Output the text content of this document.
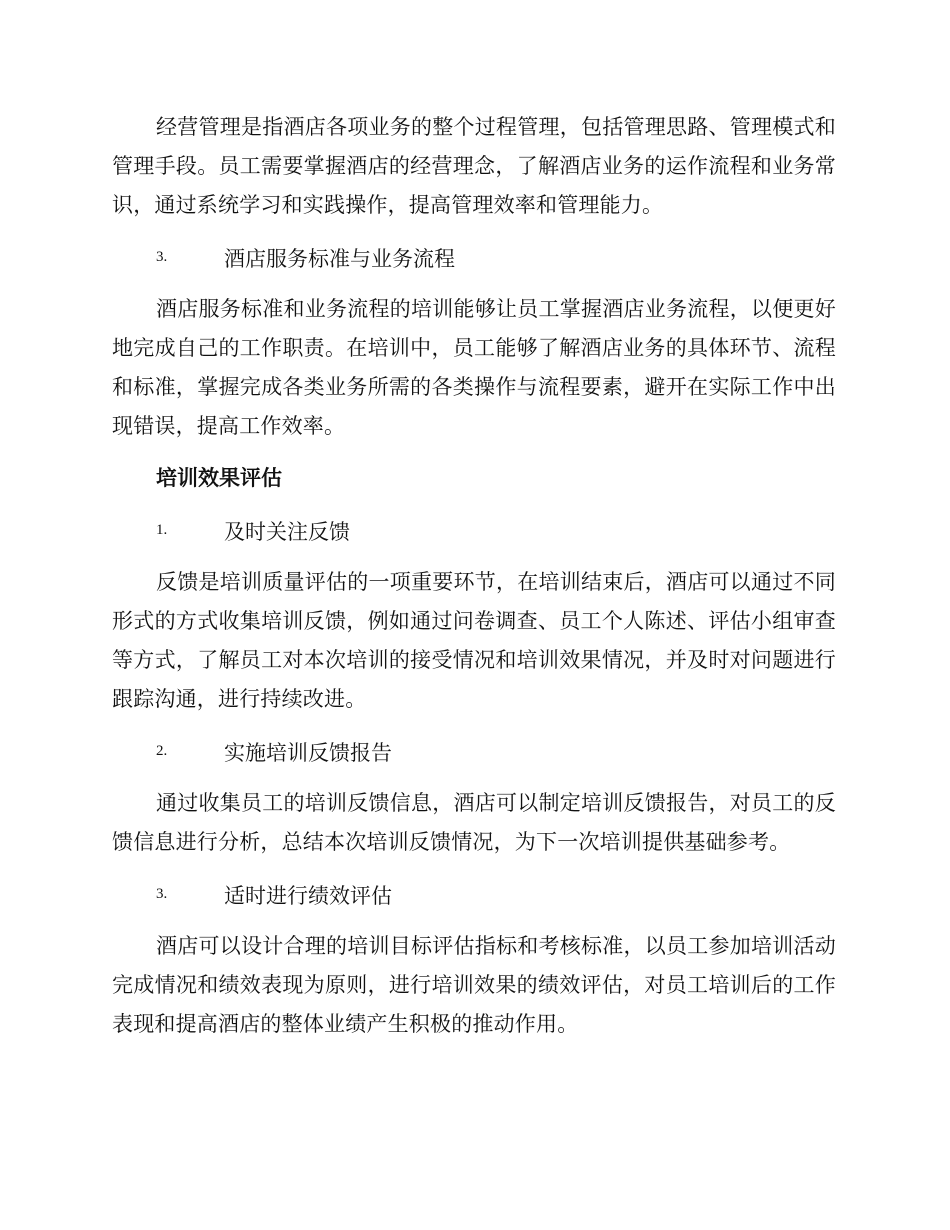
经营管理是指酒店各项业务的整个过程管理，包括管理思路、管理模式和管理手段。员工需要掌握酒店的经营理念，了解酒店业务的运作流程和业务常识，通过系统学习和实践操作，提高管理效率和管理能力。

3.	酒店服务标准与业务流程

酒店服务标准和业务流程的培训能够让员工掌握酒店业务流程，以便更好地完成自己的工作职责。在培训中，员工能够了解酒店业务的具体环节、流程和标准，掌握完成各类业务所需的各类操作与流程要素，避开在实际工作中出现错误，提高工作效率。

培训效果评估
1.	及时关注反馈

反馈是培训质量评估的一项重要环节，在培训结束后，酒店可以通过不同形式的方式收集培训反馈，例如通过问卷调查、员工个人陈述、评估小组审查等方式，了解员工对本次培训的接受情况和培训效果情况，并及时对问题进行跟踪沟通，进行持续改进。

2.	实施培训反馈报告

通过收集员工的培训反馈信息，酒店可以制定培训反馈报告，对员工的反馈信息进行分析，总结本次培训反馈情况，为下一次培训提供基础参考。

3.	适时进行绩效评估

酒店可以设计合理的培训目标评估指标和考核标准，以员工参加培训活动完成情况和绩效表现为原则，进行培训效果的绩效评估，对员工培训后的工作表现和提高酒店的整体业绩产生积极的推动作用。
